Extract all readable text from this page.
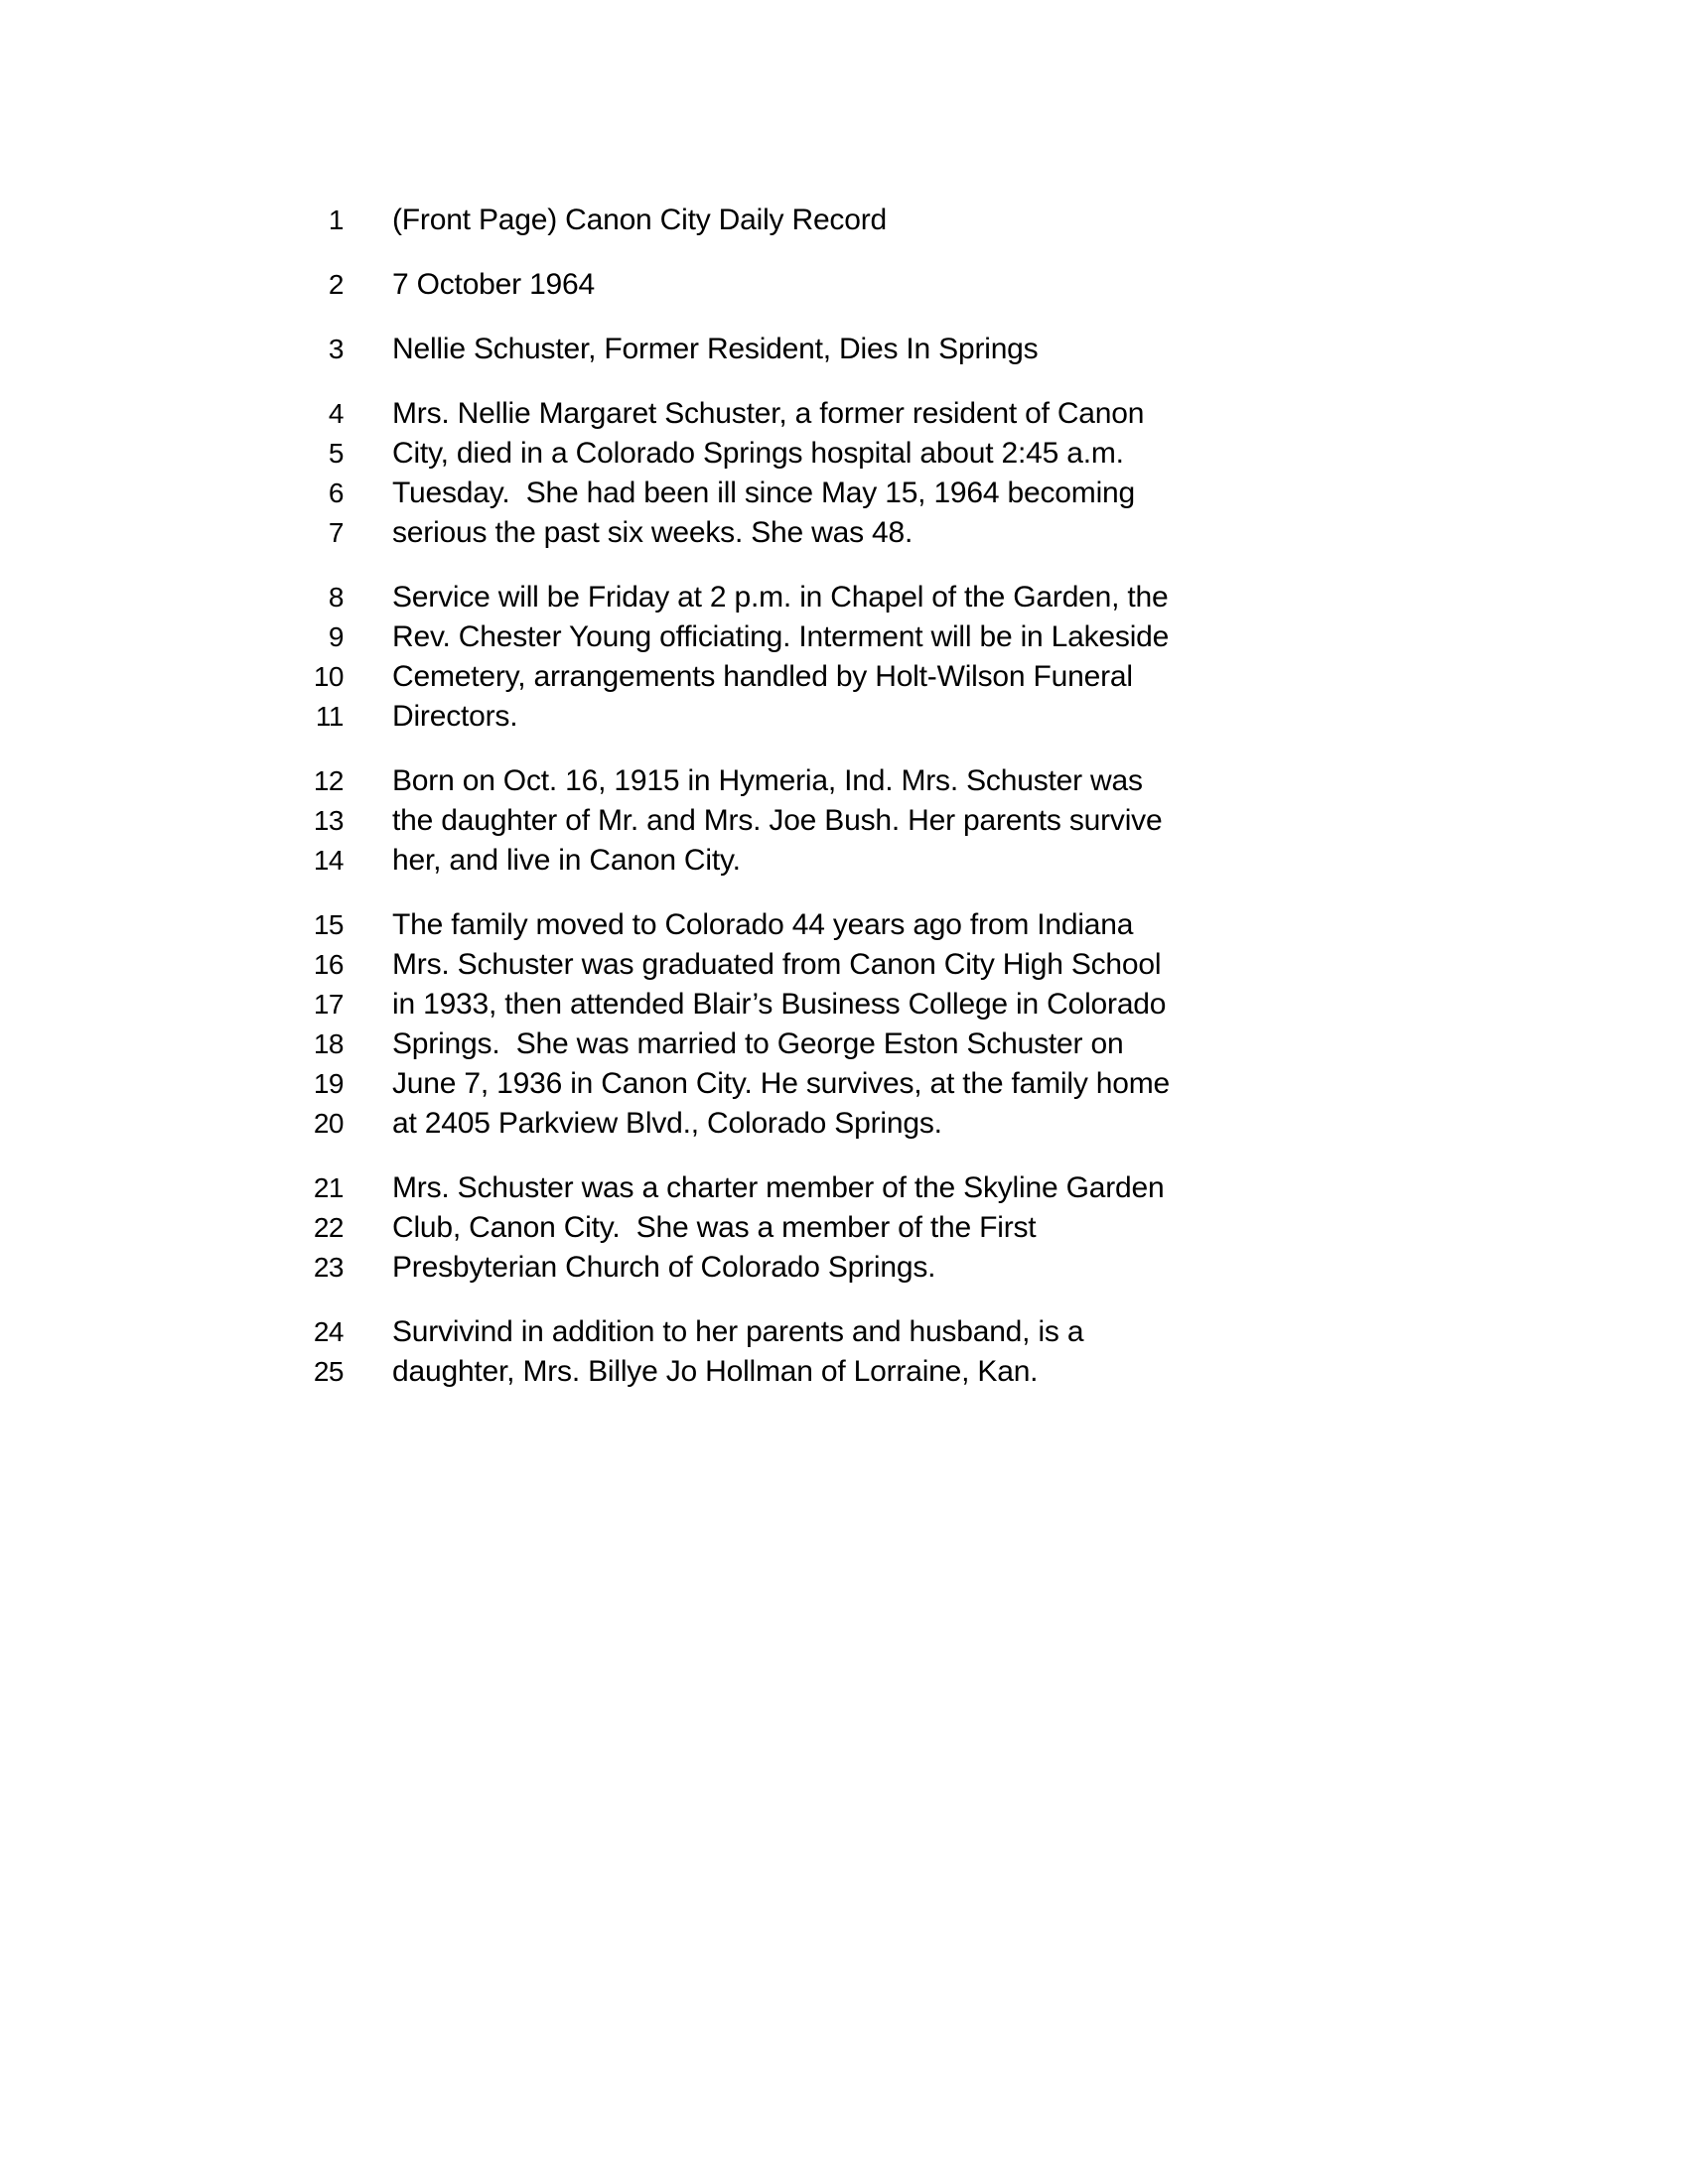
1 (Front Page) Canon City Daily Record
2 7 October 1964
3 Nellie Schuster, Former Resident, Dies In Springs
4 Mrs. Nellie Margaret Schuster, a former resident of Canon
5 City, died in a Colorado Springs hospital about 2:45 a.m.
6 Tuesday.  She had been ill since May 15, 1964 becoming
7 serious the past six weeks. She was 48.
8 Service will be Friday at 2 p.m. in Chapel of the Garden, the
9 Rev. Chester Young officiating. Interment will be in Lakeside
10 Cemetery, arrangements handled by Holt-Wilson Funeral
11 Directors.
12 Born on Oct. 16, 1915 in Hymeria, Ind. Mrs. Schuster was
13 the daughter of Mr. and Mrs. Joe Bush. Her parents survive
14 her, and live in Canon City.
15 The family moved to Colorado 44 years ago from Indiana
16 Mrs. Schuster was graduated from Canon City High School
17 in 1933, then attended Blair’s Business College in Colorado
18 Springs.  She was married to George Eston Schuster on
19 June 7, 1936 in Canon City. He survives, at the family home
20 at 2405 Parkview Blvd., Colorado Springs.
21 Mrs. Schuster was a charter member of the Skyline Garden
22 Club, Canon City.  She was a member of the First
23 Presbyterian Church of Colorado Springs.
24 Survivind in addition to her parents and husband, is a
25 daughter, Mrs. Billye Jo Hollman of Lorraine, Kan.
